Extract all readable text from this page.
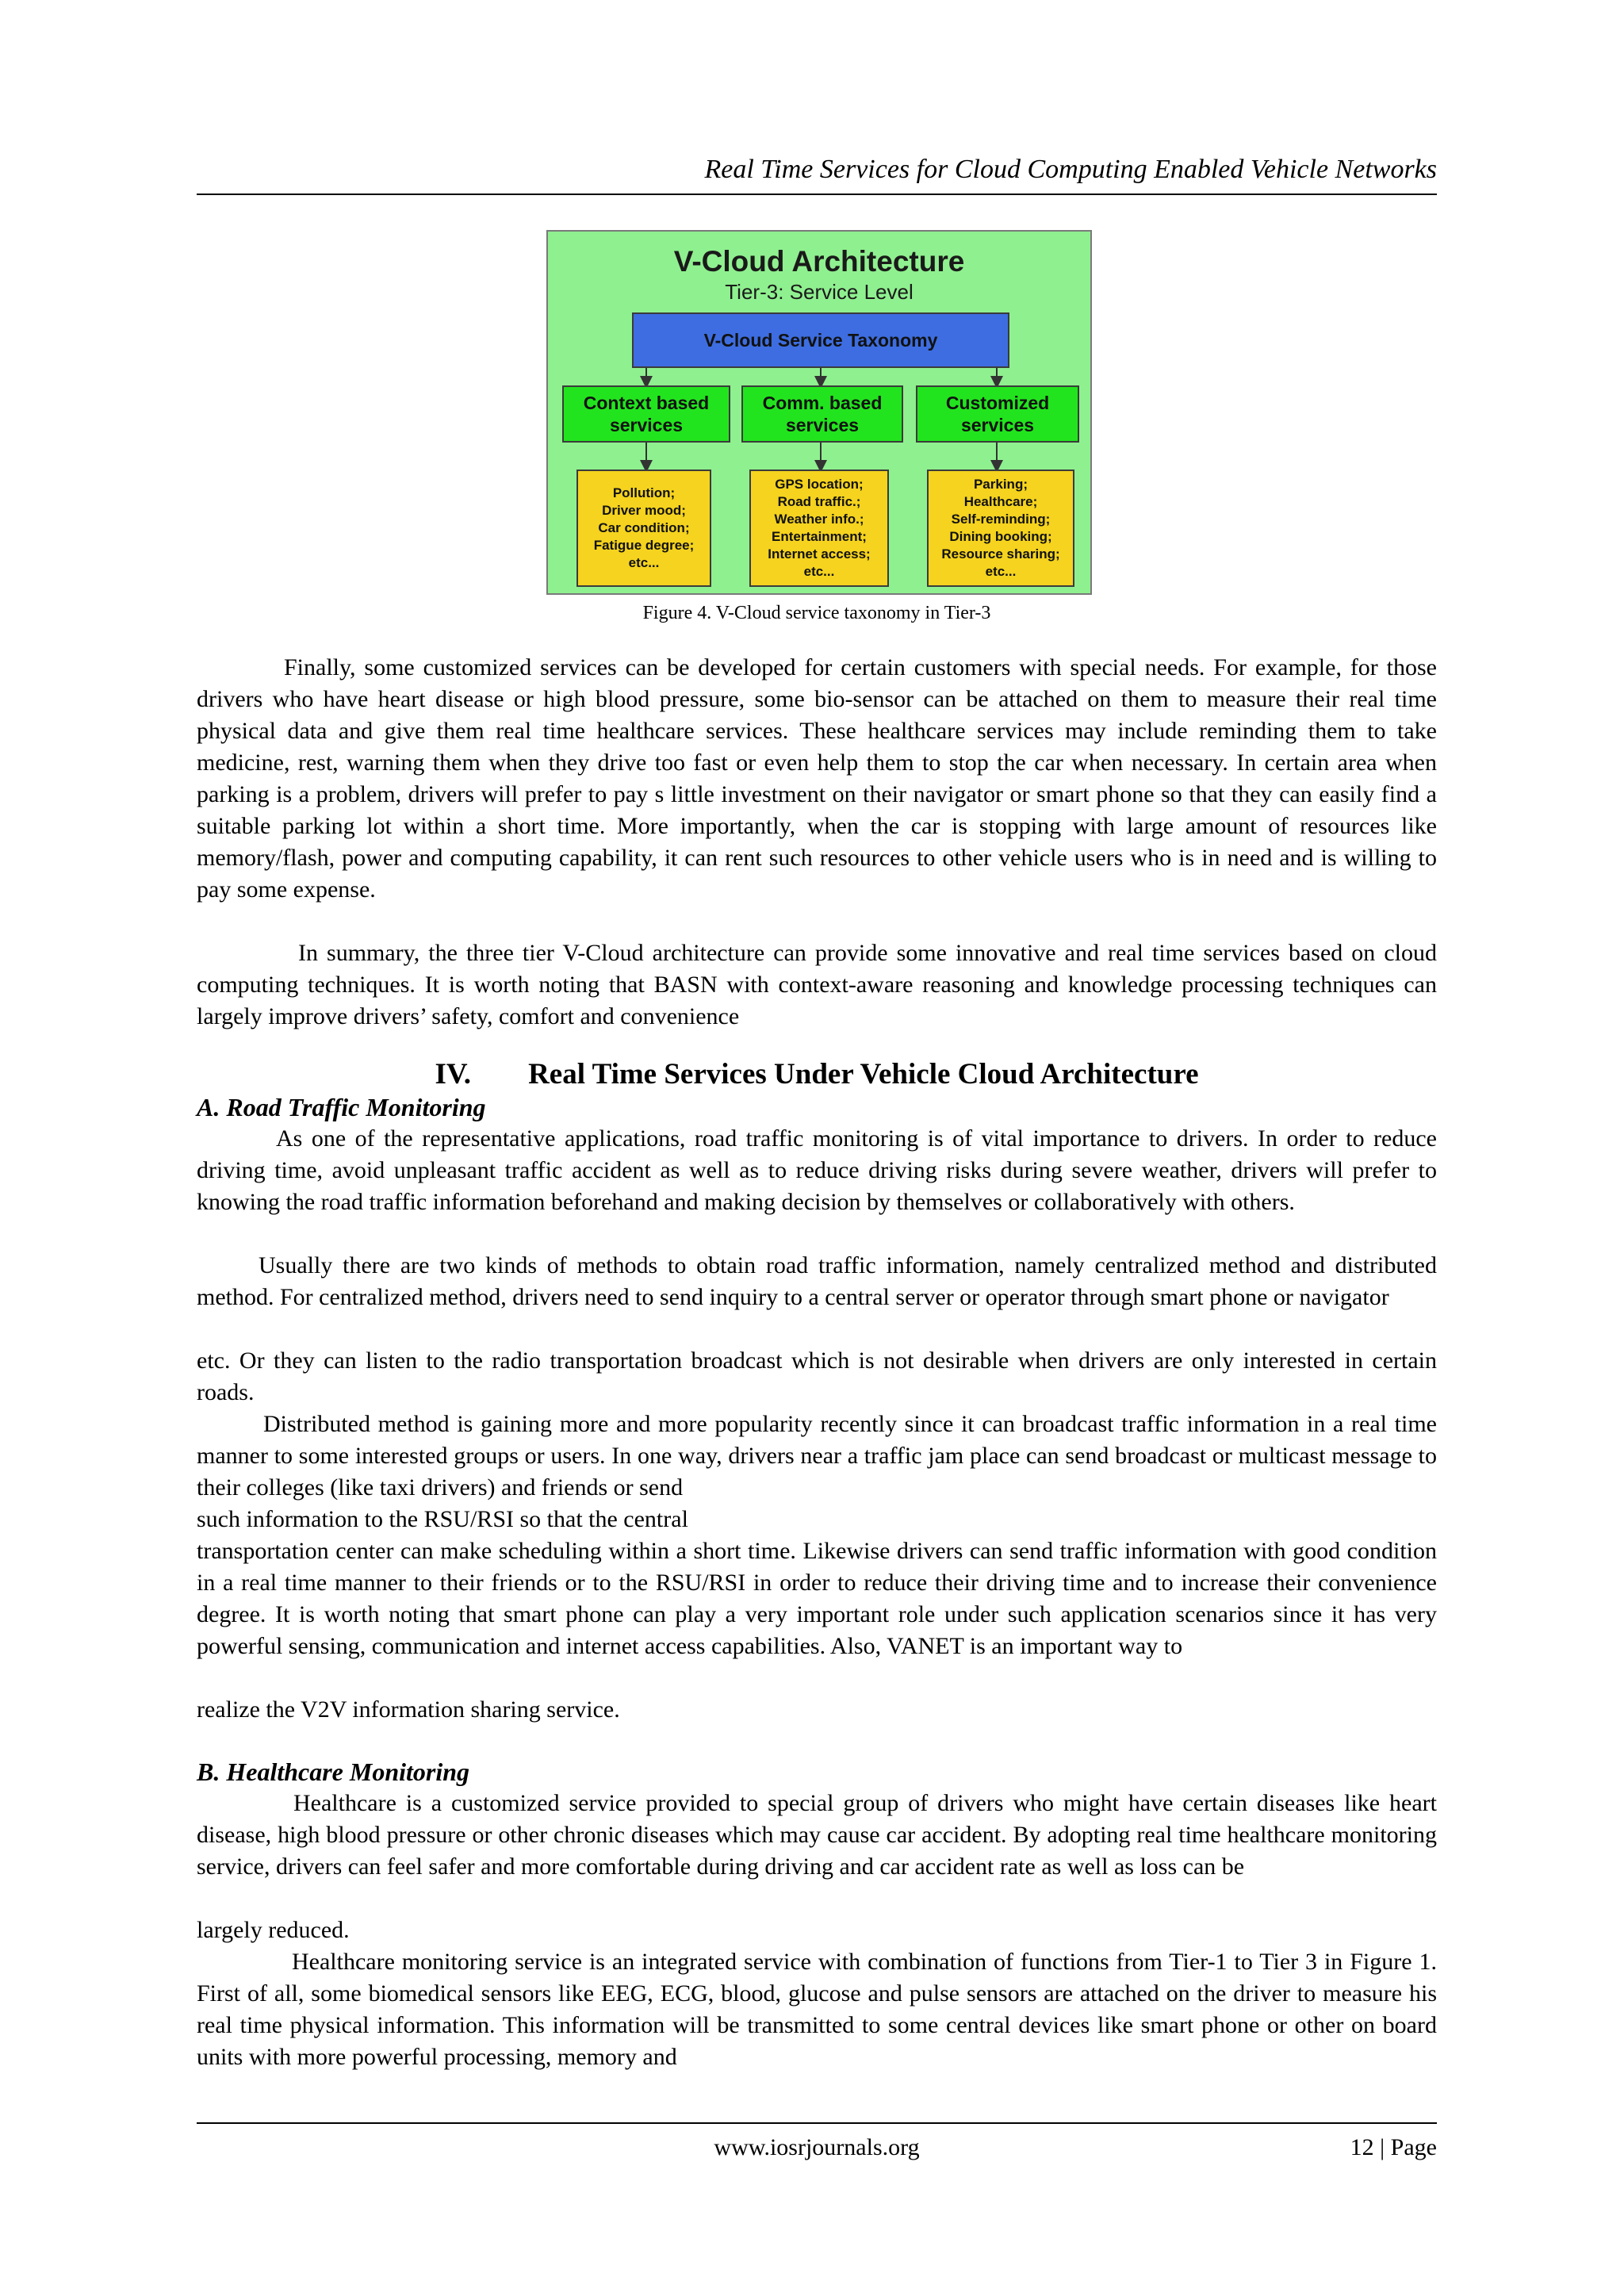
Real Time Services for Cloud Computing Enabled Vehicle Networks
V-Cloud Architecture
Tier-3: Service Level
V-Cloud Service Taxonomy
Context based services
Comm. based services
Customized services
Pollution;
Driver mood;
Car condition;
Fatigue degree;
etc...
GPS location;
Road traffic.;
Weather info.;
Entertainment;
Internet access;
etc...
Parking;
Healthcare;
Self-reminding;
Dining booking;
Resource sharing;
etc...
Figure 4. V-Cloud service taxonomy in Tier-3

Finally, some customized services can be developed for certain customers with special needs. For example, for those drivers who have heart disease or high blood pressure, some bio-sensor can be attached on them to measure their real time physical data and give them real time healthcare services. These healthcare services may include reminding them to take medicine, rest, warning them when they drive too fast or even help them to stop the car when necessary. In certain area when parking is a problem, drivers will prefer to pay s little investment on their navigator or smart phone so that they can easily find a suitable parking lot within a short time. More importantly, when the car is stopping with large amount of resources like memory/flash, power and computing capability, it can rent such resources to other vehicle users who is in need and is willing to pay some expense.

In summary, the three tier V-Cloud architecture can provide some innovative and real time services based on cloud computing techniques. It is worth noting that BASN with context-aware reasoning and knowledge processing techniques can largely improve drivers’ safety, comfort and convenience

IV. Real Time Services Under Vehicle Cloud Architecture
A. Road Traffic Monitoring

As one of the representative applications, road traffic monitoring is of vital importance to drivers. In order to reduce driving time, avoid unpleasant traffic accident as well as to reduce driving risks during severe weather, drivers will prefer to knowing the road traffic information beforehand and making decision by themselves or collaboratively with others.

Usually there are two kinds of methods to obtain road traffic information, namely centralized method and distributed method. For centralized method, drivers need to send inquiry to a central server or operator through smart phone or navigator

etc. Or they can listen to the radio transportation broadcast which is not desirable when drivers are only interested in certain roads.

Distributed method is gaining more and more popularity recently since it can broadcast traffic information in a real time manner to some interested groups or users. In one way, drivers near a traffic jam place can send broadcast or multicast message to their colleges (like taxi drivers) and friends or send

such information to the RSU/RSI so that the central

transportation center can make scheduling within a short time. Likewise drivers can send traffic information with good condition in a real time manner to their friends or to the RSU/RSI in order to reduce their driving time and to increase their convenience degree. It is worth noting that smart phone can play a very important role under such application scenarios since it has very powerful sensing, communication and internet access capabilities. Also, VANET is an important way to

realize the V2V information sharing service.

B. Healthcare Monitoring

Healthcare is a customized service provided to special group of drivers who might have certain diseases like heart disease, high blood pressure or other chronic diseases which may cause car accident. By adopting real time healthcare monitoring service, drivers can feel safer and more comfortable during driving and car accident rate as well as loss can be

largely reduced.

Healthcare monitoring service is an integrated service with combination of functions from Tier-1 to Tier 3 in Figure 1. First of all, some biomedical sensors like EEG, ECG, blood, glucose and pulse sensors are attached on the driver to measure his real time physical information. This information will be transmitted to some central devices like smart phone or other on board units with more powerful processing, memory and

www.iosrjournals.org	12 | Page
